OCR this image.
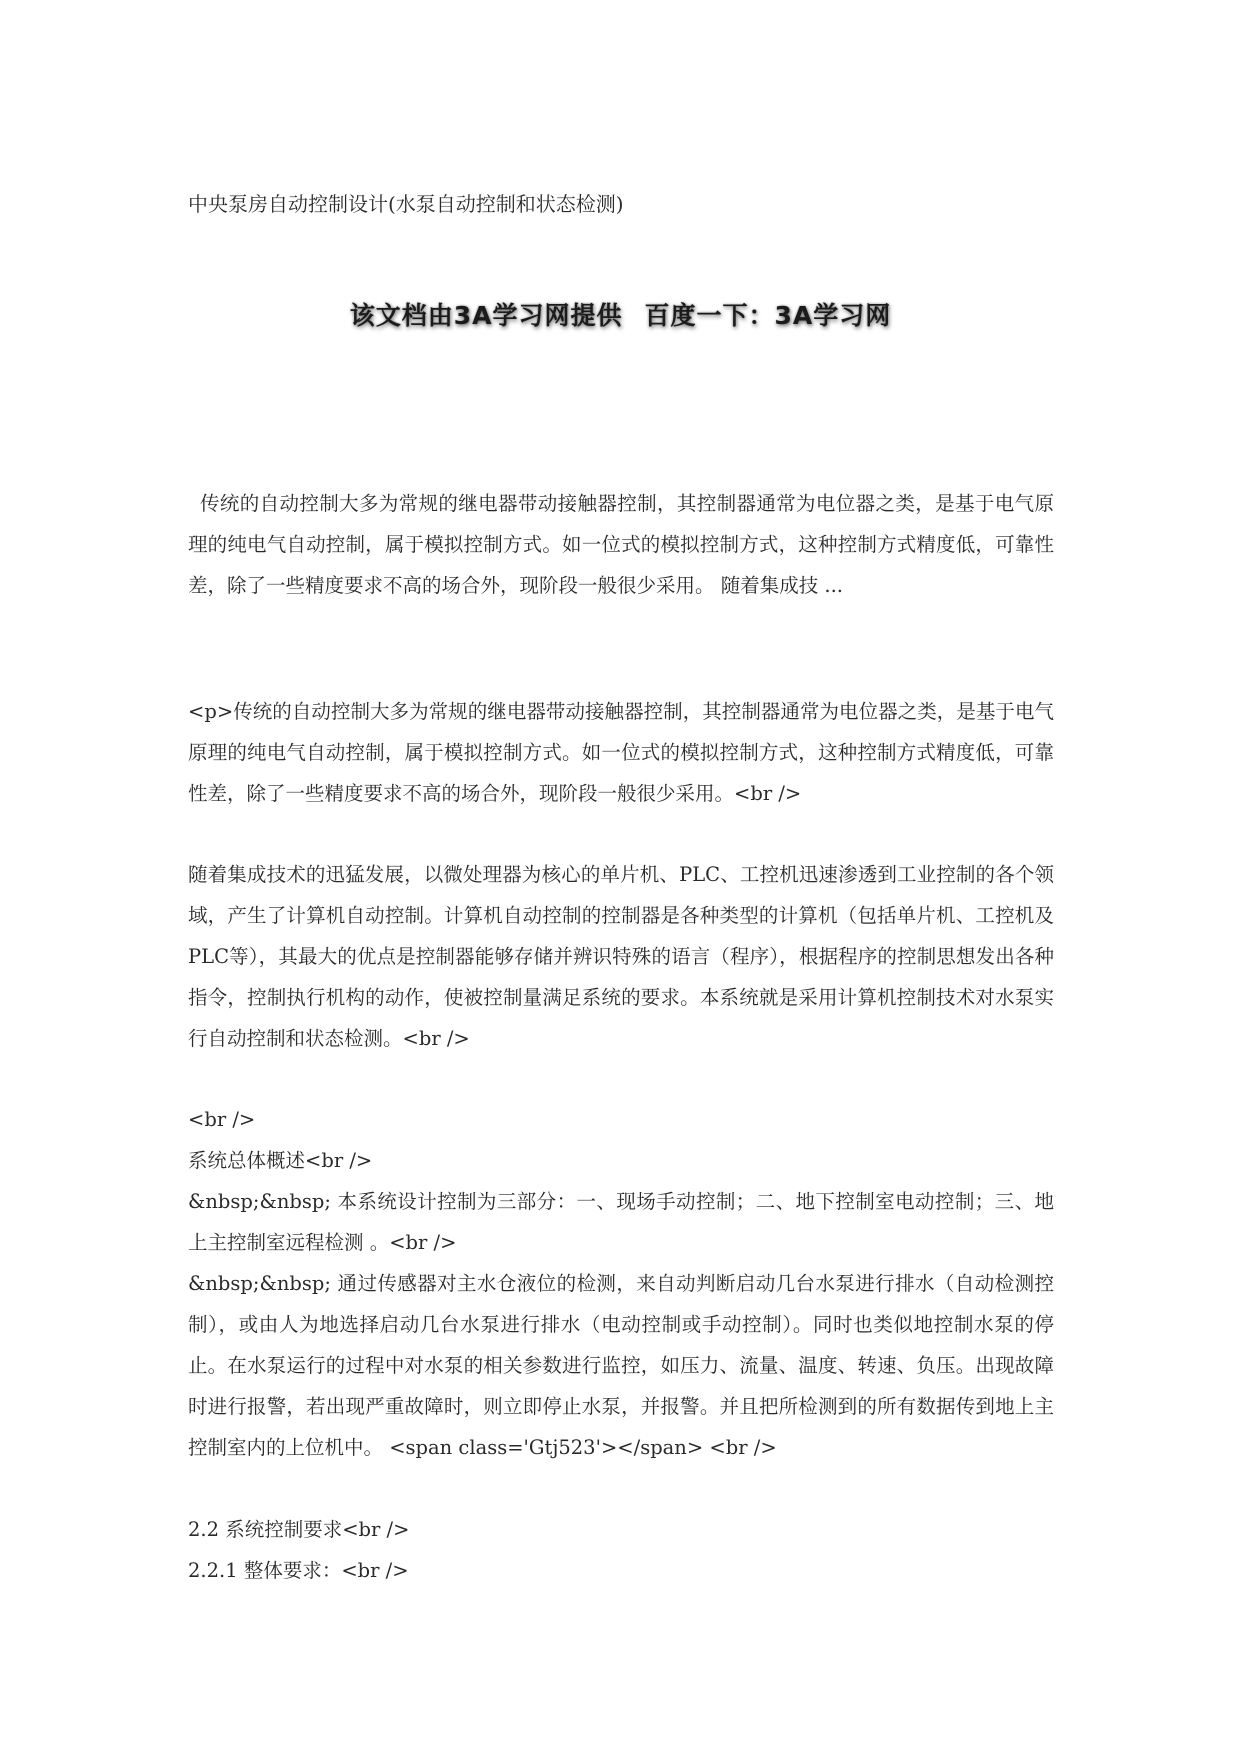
中央泵房自动控制设计(水泵自动控制和状态检测)
该文档由3A学习网提供 百度一下：3A学习网
传统的自动控制大多为常规的继电器带动接触器控制，其控制器通常为电位器之类，是基于电气原理的纯电气自动控制，属于模拟控制方式。如一位式的模拟控制方式，这种控制方式精度低，可靠性差，除了一些精度要求不高的场合外，现阶段一般很少采用。 随着集成技 ...
<p>传统的自动控制大多为常规的继电器带动接触器控制，其控制器通常为电位器之类，是基于电气原理的纯电气自动控制，属于模拟控制方式。如一位式的模拟控制方式，这种控制方式精度低，可靠性差，除了一些精度要求不高的场合外，现阶段一般很少采用。<br />
随着集成技术的迅猛发展，以微处理器为核心的单片机、PLC、工控机迅速渗透到工业控制的各个领域，产生了计算机自动控制。计算机自动控制的控制器是各种类型的计算机（包括单片机、工控机及PLC等），其最大的优点是控制器能够存储并辨识特殊的语言（程序），根据程序的控制思想发出各种指令，控制执行机构的动作，使被控制量满足系统的要求。本系统就是采用计算机控制技术对水泵实行自动控制和状态检测。<br />
<br />
系统总体概述<br />
&nbsp;&nbsp; 本系统设计控制为三部分：一、现场手动控制；二、地下控制室电动控制；三、地上主控制室远程检测 。<br />
&nbsp;&nbsp; 通过传感器对主水仓液位的检测，来自动判断启动几台水泵进行排水（自动检测控制），或由人为地选择启动几台水泵进行排水（电动控制或手动控制）。同时也类似地控制水泵的停止。在水泵运行的过程中对水泵的相关参数进行监控，如压力、流量、温度、转速、负压。出现故障时进行报警，若出现严重故障时，则立即停止水泵，并报警。并且把所检测到的所有数据传到地上主控制室内的上位机中。 <span class='Gtj523'></span> <br />

2.2 系统控制要求<br />
2.2.1 整体要求：<br />
